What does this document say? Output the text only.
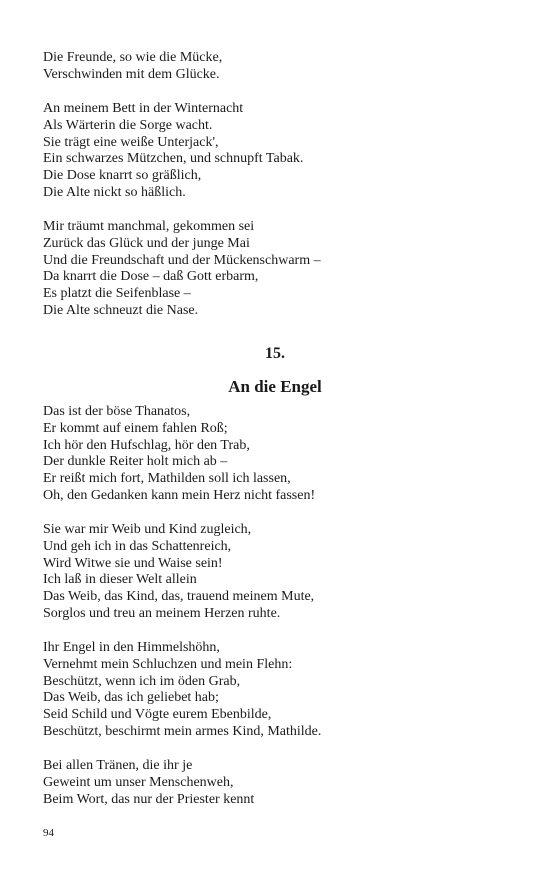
Die Freunde, so wie die Mücke,
Verschwinden mit dem Glücke.
An meinem Bett in der Winternacht
Als Wärterin die Sorge wacht.
Sie trägt eine weiße Unterjack',
Ein schwarzes Mützchen, und schnupft Tabak.
Die Dose knarrt so gräßlich,
Die Alte nickt so häßlich.
Mir träumt manchmal, gekommen sei
Zurück das Glück und der junge Mai
Und die Freundschaft und der Mückenschwarm –
Da knarrt die Dose – daß Gott erbarm,
Es platzt die Seifenblase –
Die Alte schneuzt die Nase.
15.
An die Engel
Das ist der böse Thanatos,
Er kommt auf einem fahlen Roß;
Ich hör den Hufschlag, hör den Trab,
Der dunkle Reiter holt mich ab –
Er reißt mich fort, Mathilden soll ich lassen,
Oh, den Gedanken kann mein Herz nicht fassen!
Sie war mir Weib und Kind zugleich,
Und geh ich in das Schattenreich,
Wird Witwe sie und Waise sein!
Ich laß in dieser Welt allein
Das Weib, das Kind, das, trauend meinem Mute,
Sorglos und treu an meinem Herzen ruhte.
Ihr Engel in den Himmelshöhn,
Vernehmt mein Schluchzen und mein Flehn:
Beschützt, wenn ich im öden Grab,
Das Weib, das ich geliebet hab;
Seid Schild und Vögte eurem Ebenbilde,
Beschützt, beschirmt mein armes Kind, Mathilde.
Bei allen Tränen, die ihr je
Geweint um unser Menschenweh,
Beim Wort, das nur der Priester kennt
94
